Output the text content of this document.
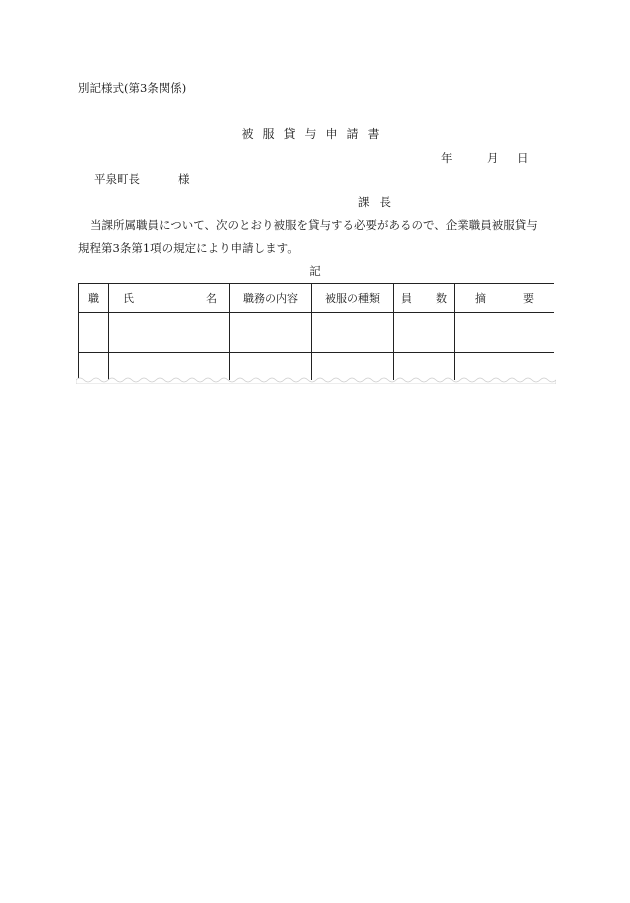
別記様式(第3条関係)
被服貸与申請書
年	月 日
平泉町長	様
課長
当課所属職員について、次のとおり被服を貸与する必要があるので、企業職員被服貸与
規程第3条第1項の規定により申請します。
記
職	氏 名	職務の内容	被服の種類	員 数	摘 要
